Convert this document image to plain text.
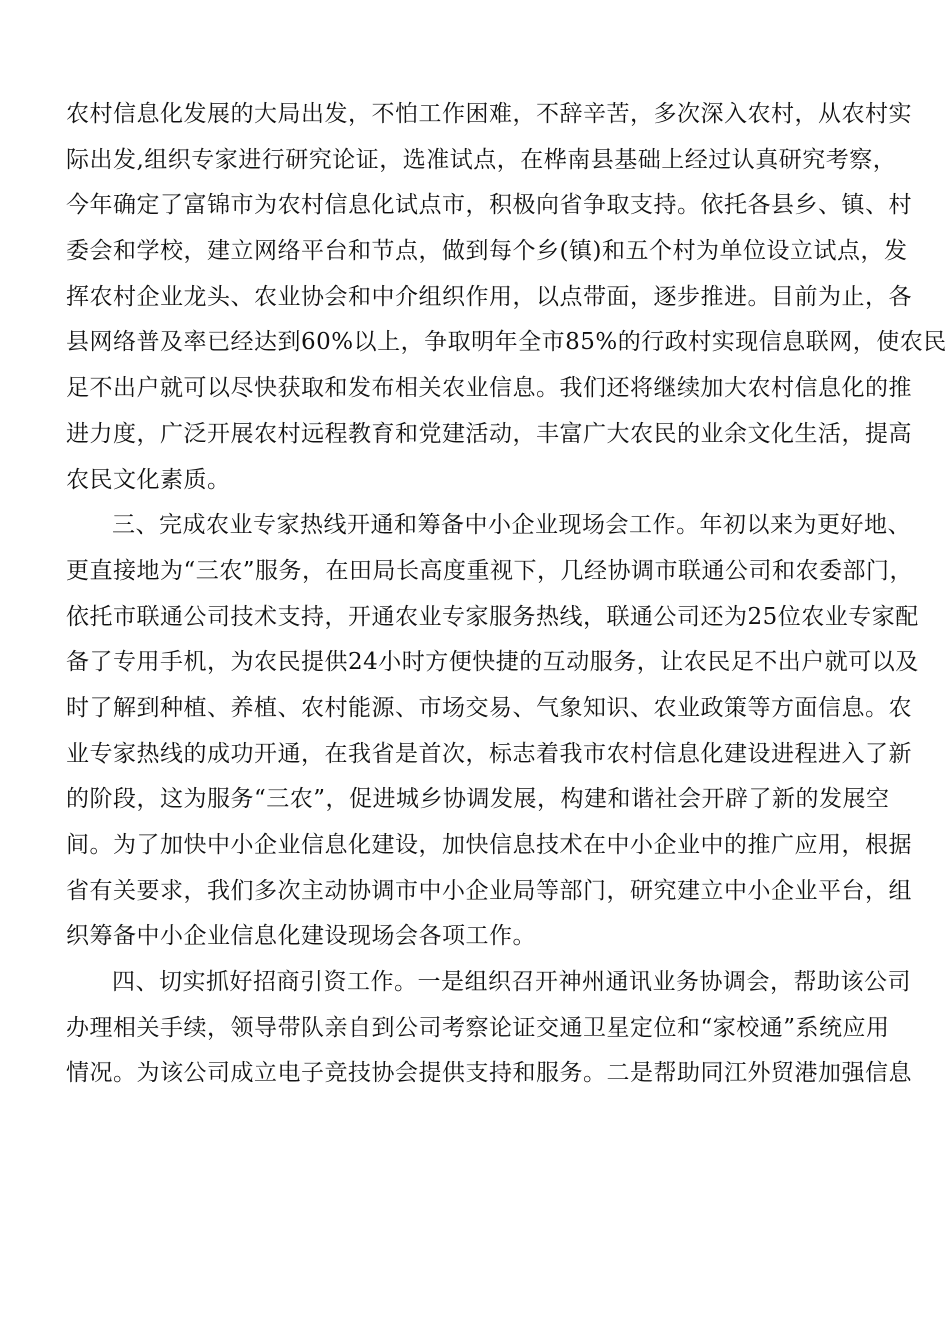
农村信息化发展的大局出发，不怕工作困难，不辞辛苦，多次深入农村，从农村实
际出发,组织专家进行研究论证，选准试点，在桦南县基础上经过认真研究考察，
今年确定了富锦市为农村信息化试点市，积极向省争取支持。依托各县乡、镇、村
委会和学校，建立网络平台和节点，做到每个乡(镇)和五个村为单位设立试点，发
挥农村企业龙头、农业协会和中介组织作用，以点带面，逐步推进。目前为止，各
县网络普及率已经达到60%以上，争取明年全市85%的行政村实现信息联网，使农民
足不出户就可以尽快获取和发布相关农业信息。我们还将继续加大农村信息化的推
进力度，广泛开展农村远程教育和党建活动，丰富广大农民的业余文化生活，提高
农民文化素质。

三、完成农业专家热线开通和筹备中小企业现场会工作。年初以来为更好地、
更直接地为“三农”服务，在田局长高度重视下，几经协调市联通公司和农委部门，
依托市联通公司技术支持，开通农业专家服务热线，联通公司还为25位农业专家配
备了专用手机，为农民提供24小时方便快捷的互动服务，让农民足不出户就可以及
时了解到种植、养植、农村能源、市场交易、气象知识、农业政策等方面信息。农
业专家热线的成功开通，在我省是首次，标志着我市农村信息化建设进程进入了新
的阶段，这为服务“三农”，促进城乡协调发展，构建和谐社会开辟了新的发展空
间。为了加快中小企业信息化建设，加快信息技术在中小企业中的推广应用，根据
省有关要求，我们多次主动协调市中小企业局等部门，研究建立中小企业平台，组
织筹备中小企业信息化建设现场会各项工作。

四、切实抓好招商引资工作。一是组织召开神州通讯业务协调会，帮助该公司
办理相关手续，领导带队亲自到公司考察论证交通卫星定位和“家校通”系统应用
情况。为该公司成立电子竞技协会提供支持和服务。二是帮助同江外贸港加强信息
